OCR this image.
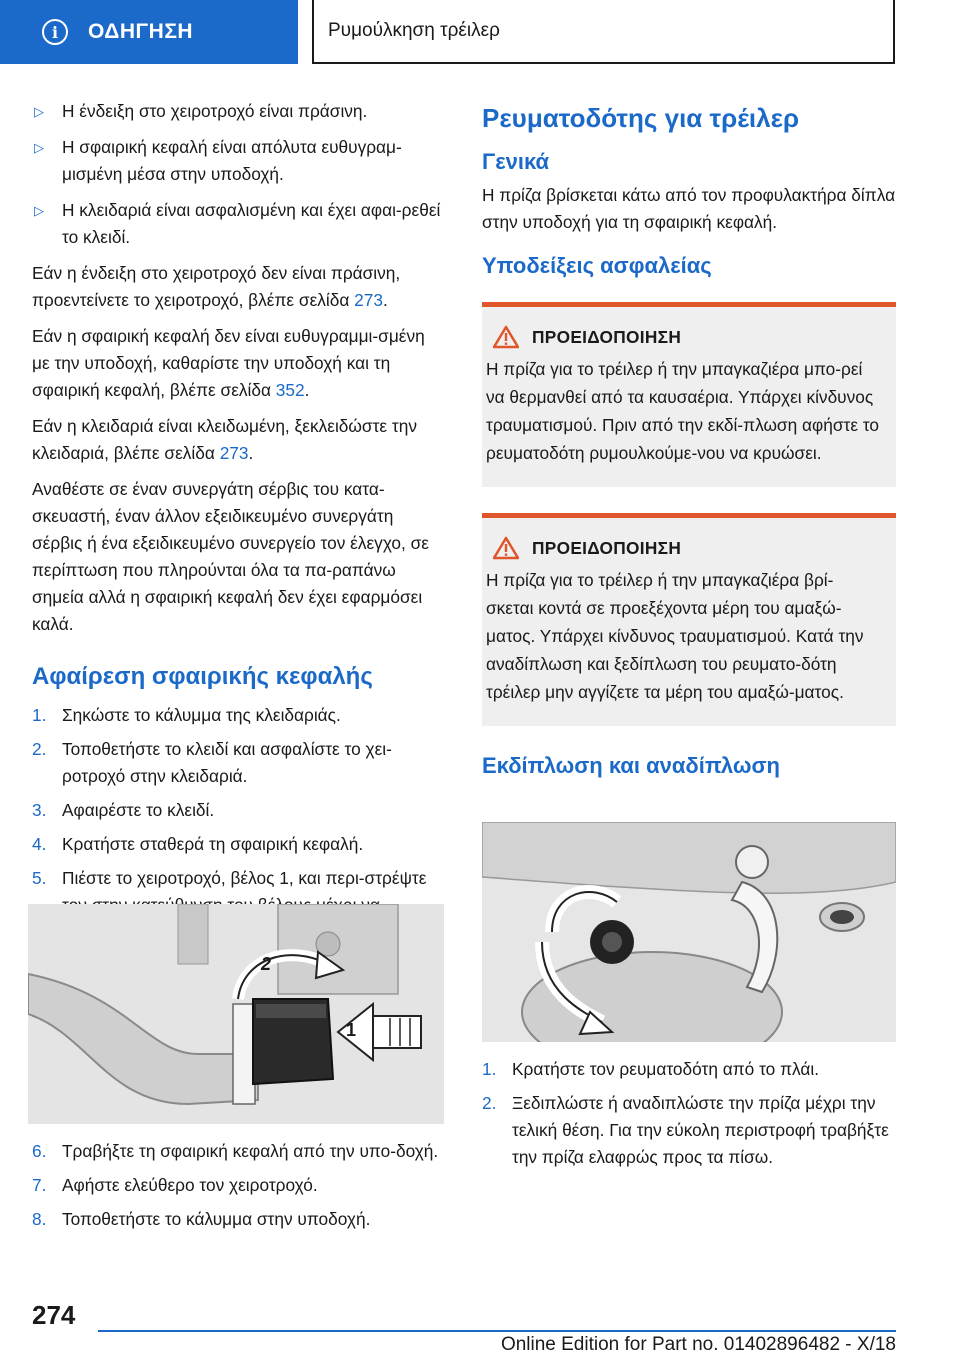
i	ΟΔΗΓΗΣΗ	Ρυμούλκηση τρέιλερ
▷	Η ένδειξη στο χειροτροχό είναι πράσινη.
▷	Η σφαιρική κεφαλή είναι απόλυτα ευθυγραμ-μισμένη μέσα στην υποδοχή.
▷	Η κλειδαριά είναι ασφαλισμένη και έχει αφαι-ρεθεί το κλειδί.

Εάν η ένδειξη στο χειροτροχό δεν είναι πράσινη, προεντείνετε το χειροτροχό, βλέπε σελίδα 273.

Εάν η σφαιρική κεφαλή δεν είναι ευθυγραμμι-σμένη με την υποδοχή, καθαρίστε την υποδοχή και τη σφαιρική κεφαλή, βλέπε σελίδα 352.

Εάν η κλειδαριά είναι κλειδωμένη, ξεκλειδώστε την κλειδαριά, βλέπε σελίδα 273.

Αναθέστε σε έναν συνεργάτη σέρβις του κατα-σκευαστή, έναν άλλον εξειδικευμένο συνεργάτη σέρβις ή ένα εξειδικευμένο συνεργείο τον έλεγχο, σε περίπτωση που πληρούνται όλα τα πα-ραπάνω σημεία αλλά η σφαιρική κεφαλή δεν έχει εφαρμόσει καλά.

Αφαίρεση σφαιρικής κεφαλής
1. Σηκώστε το κάλυμμα της κλειδαριάς.
2. Τοποθετήστε το κλειδί και ασφαλίστε το χει-ροτροχό στην κλειδαριά.
3. Αφαιρέστε το κλειδί.
4. Κρατήστε σταθερά τη σφαιρική κεφαλή.
5. Πιέστε το χειροτροχό, βέλος 1, και περι-στρέψτε
2
1
6. Τραβήξτε τη σφαιρική κεφαλή από την υπο-δοχή.
7. Αφήστε ελεύθερο τον χειροτροχό.
8. Τοποθετήστε το κάλυμμα στην υποδοχή.
Ρευματοδότης για τρέιλερ
Γενικά

Η πρίζα βρίσκεται κάτω από τον προφυλακτήρα δίπλα στην υποδοχή για τη σφαιρική κεφαλή.

Υποδείξεις ασφαλείας
ΠΡΟΕΙΔΟΠΟΙΗΣΗ
Η πρίζα για το τρέιλερ ή την μπαγκαζιέρα μπο-ρεί να θερμανθεί από τα καυσαέρια. Υπάρχει κίνδυνος τραυματισμού. Πριν από την εκδί-πλωση αφήστε το ρευματοδότη ρυμουλκούμε-νου να κρυώσει.
ΠΡΟΕΙΔΟΠΟΙΗΣΗ
Η πρίζα για το τρέιλερ ή την μπαγκαζιέρα βρί-σκεται κοντά σε προεξέχοντα μέρη του αμαξώ-ματος. Υπάρχει κίνδυνος τραυματισμού. Κατά την αναδίπλωση και ξεδίπλωση του ρευματο-δότη τρέιλερ μην αγγίζετε τα μέρη του αμαξώ-ματος.
Εκδίπλωση και αναδίπλωση
1. Κρατήστε τον ρευματοδότη από το πλάι.
2. Ξεδιπλώστε ή αναδιπλώστε την πρίζα μέχρι την τελική θέση. Για την εύκολη περιστροφή τραβήξτε την πρίζα ελαφρώς προς τα πίσω.
274
Online Edition for Part no. 01402896482 - X/18
